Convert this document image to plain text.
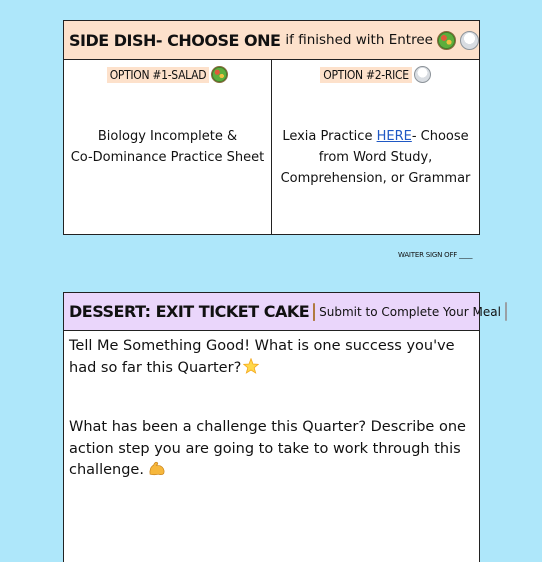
SIDE DISH- CHOOSE ONE if finished with Entree
OPTION #1-SALAD
Biology Incomplete &
Co-Dominance Practice Sheet
OPTION #2-RICE
Lexia Practice HERE- Choose from Word Study, Comprehension, or Grammar
WAITER SIGN OFF ____
DESSERT: EXIT TICKET CAKE Submit to Complete Your Meal
Tell Me Something Good! What is one success you've had so far this Quarter?
What has been a challenge this Quarter? Describe one action step you are going to take to work through this challenge.
